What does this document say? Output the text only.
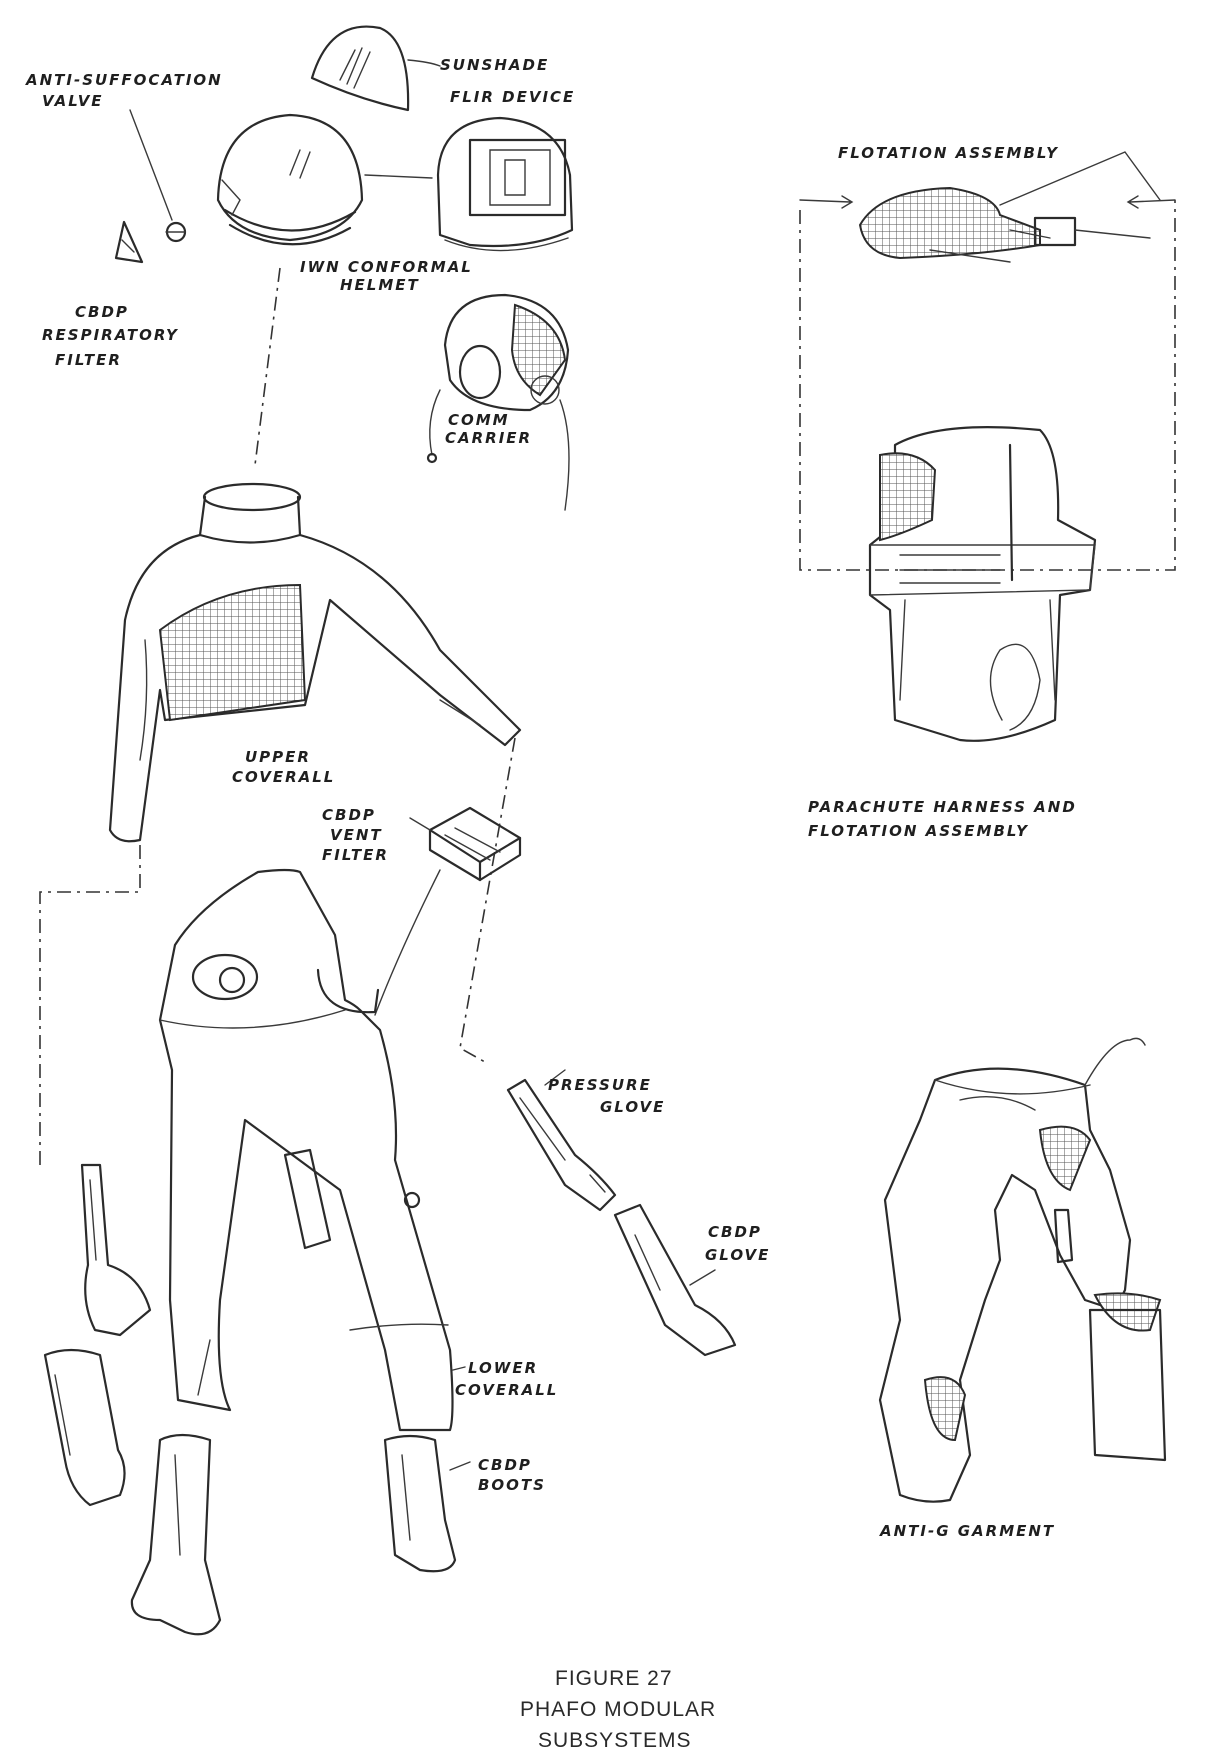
SUNSHADE
ANTI-SUFFOCATION
VALVE	FLIR DEVICE
IWN CONFORMAL
HELMET
CBDP
RESPIRATORY
FILTER
COMM
CARRIER
FLOTATION ASSEMBLY
PARACHUTE HARNESS AND
FLOTATION ASSEMBLY
UPPER
COVERALL
CBDP
VENT
FILTER
PRESSURE
GLOVE
CBDP
GLOVE
LOWER
COVERALL
CBDP
BOOTS
ANTI-G GARMENT
FIGURE 27
PHAFO MODULAR
SUBSYSTEMS
